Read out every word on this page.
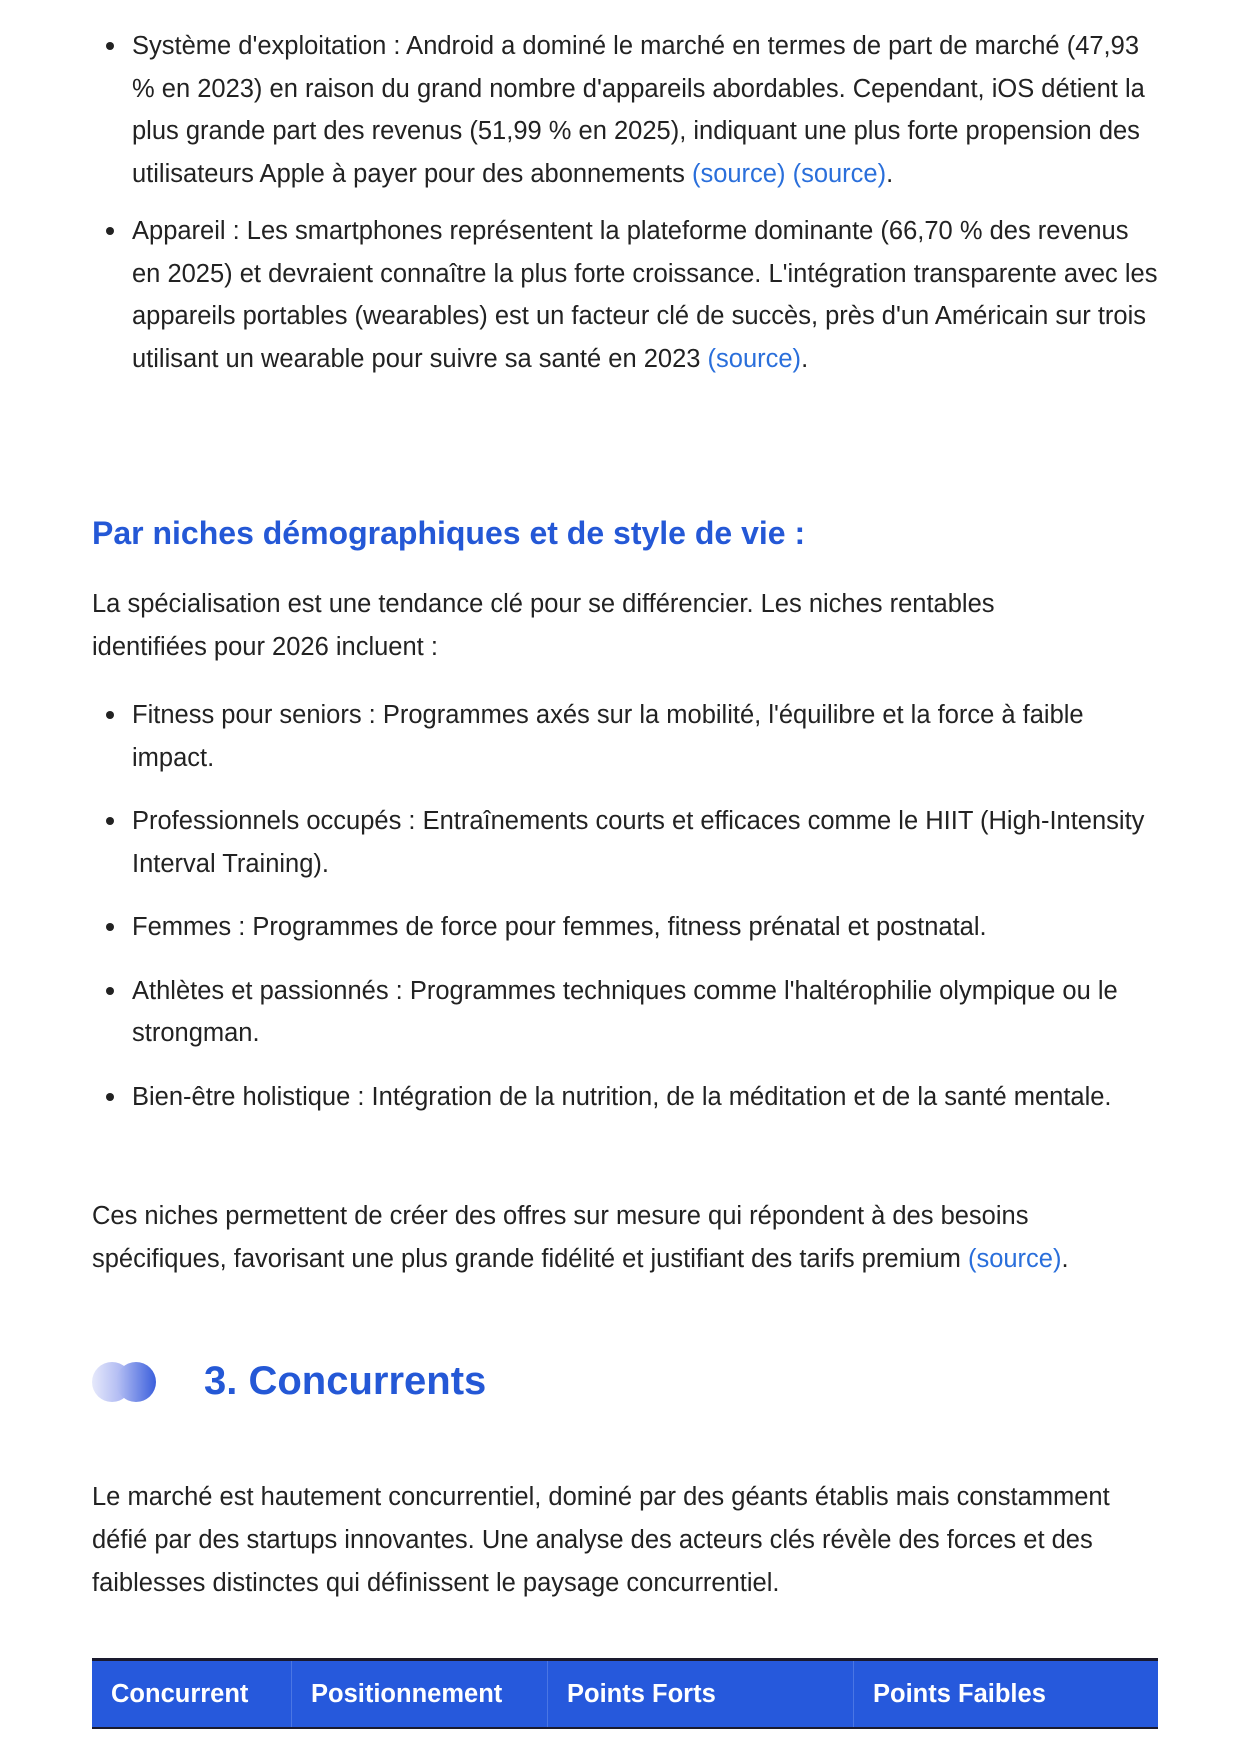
Système d'exploitation : Android a dominé le marché en termes de part de marché (47,93 % en 2023) en raison du grand nombre d'appareils abordables. Cependant, iOS détient la plus grande part des revenus (51,99 % en 2025), indiquant une plus forte propension des utilisateurs Apple à payer pour des abonnements (source) (source).
Appareil : Les smartphones représentent la plateforme dominante (66,70 % des revenus en 2025) et devraient connaître la plus forte croissance. L'intégration transparente avec les appareils portables (wearables) est un facteur clé de succès, près d'un Américain sur trois utilisant un wearable pour suivre sa santé en 2023 (source).
Par niches démographiques et de style de vie :

La spécialisation est une tendance clé pour se différencier. Les niches rentables identifiées pour 2026 incluent :

Fitness pour seniors : Programmes axés sur la mobilité, l'équilibre et la force à faible impact.
Professionnels occupés : Entraînements courts et efficaces comme le HIIT (High-Intensity Interval Training).
Femmes : Programmes de force pour femmes, fitness prénatal et postnatal.
Athlètes et passionnés : Programmes techniques comme l'haltérophilie olympique ou le strongman.
Bien-être holistique : Intégration de la nutrition, de la méditation et de la santé mentale.

Ces niches permettent de créer des offres sur mesure qui répondent à des besoins spécifiques, favorisant une plus grande fidélité et justifiant des tarifs premium (source).

3. Concurrents

Le marché est hautement concurrentiel, dominé par des géants établis mais constamment défié par des startups innovantes. Une analyse des acteurs clés révèle des forces et des faiblesses distinctes qui définissent le paysage concurrentiel.

Concurrent	Positionnement	Points Forts	Points Faibles
